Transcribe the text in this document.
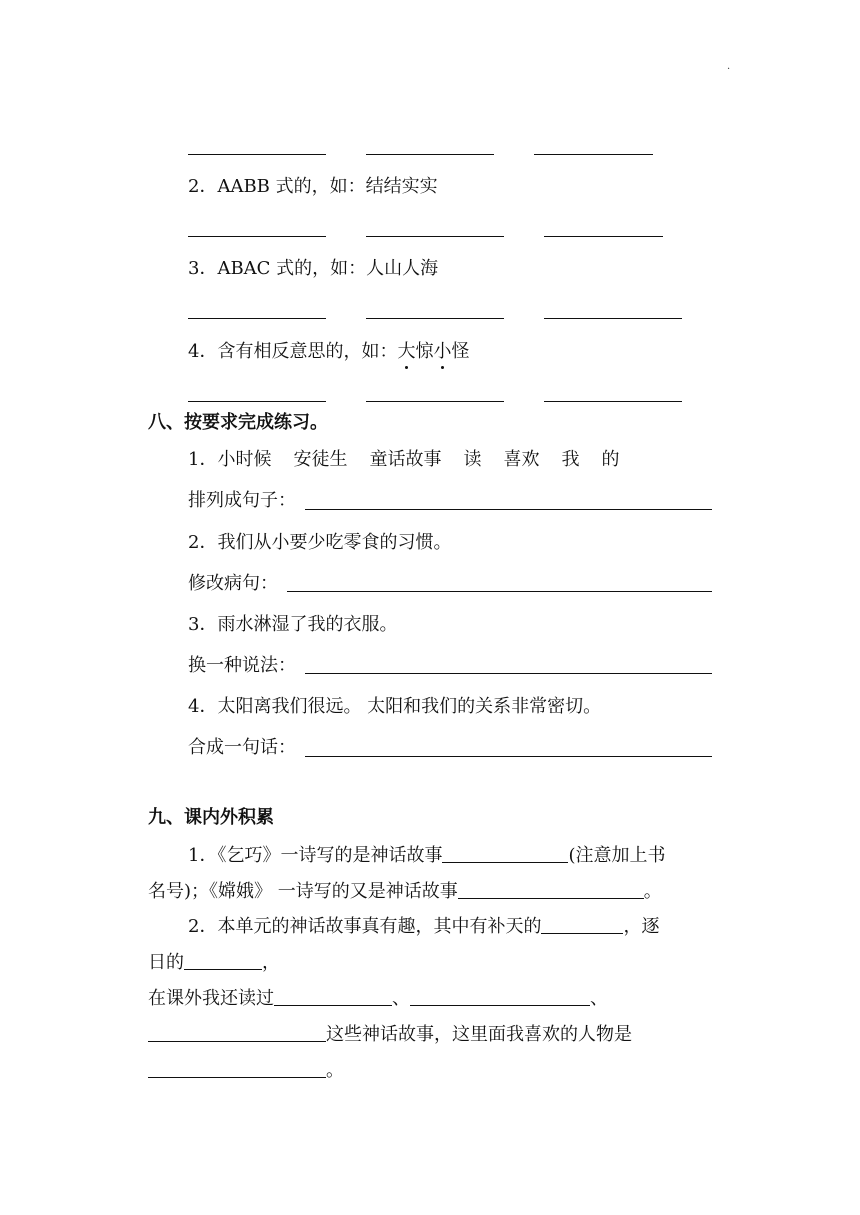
·
2．AABB 式的，如：结结实实
3．ABAC 式的，如：人山人海
4．含有相反意思的，如：大惊小怪
八、按要求完成练习。
1．小时候 安徒生 童话故事 读 喜欢 我 的
排列成句子：
2．我们从小要少吃零食的习惯。
修改病句：
3．雨水淋湿了我的衣服。
换一种说法：
4．太阳离我们很远。 太阳和我们的关系非常密切。
合成一句话：
九、课内外积累
1．《乞巧》一诗写的是神话故事	(注意加上书
名号)；《嫦娥》 一诗写的又是神话故事	。
2．本单元的神话故事真有趣，其中有补天的	，逐
日的	，
在课外我还读过	、	、
这些神话故事，这里面我喜欢的人物是
。
